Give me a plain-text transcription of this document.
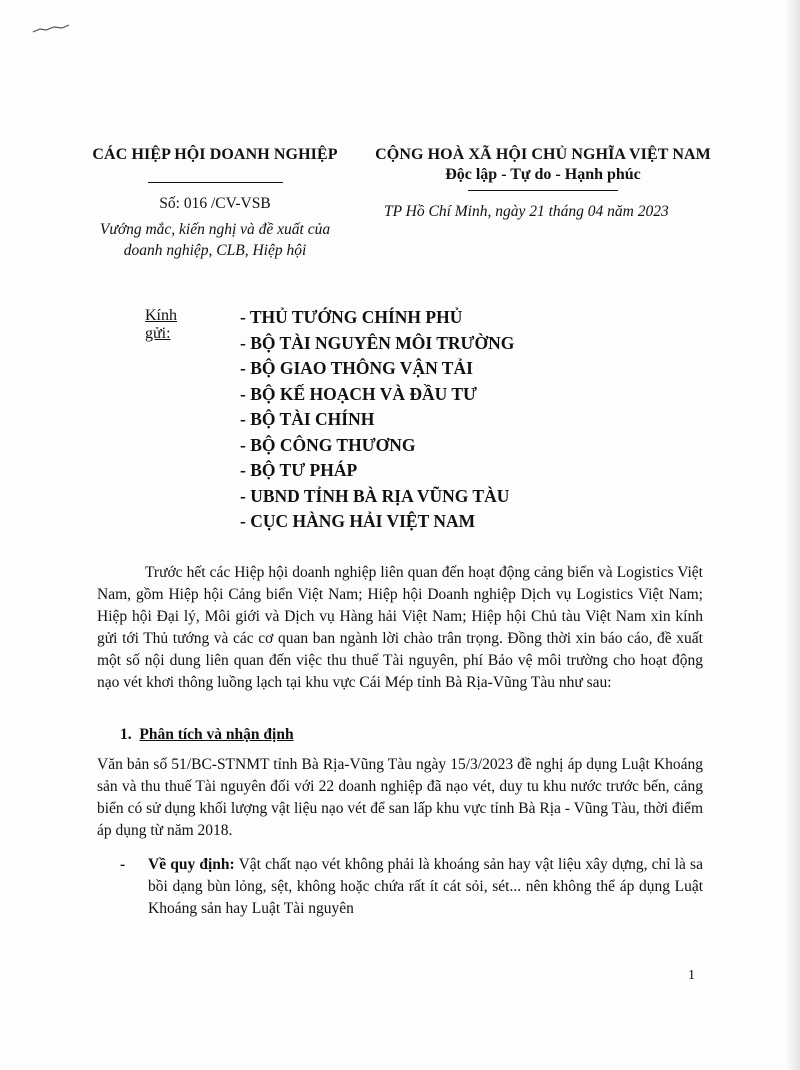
CÁC HIỆP HỘI DOANH NGHIỆP
Số: 016 /CV-VSB
Vướng mắc, kiến nghị và đề xuất của doanh nghiệp, CLB, Hiệp hội
CỘNG HOÀ XÃ HỘI CHỦ NGHĨA VIỆT NAM
Độc lập - Tự do - Hạnh phúc
TP Hồ Chí Minh, ngày 21 tháng 04 năm 2023
Kính gửi:
- THỦ TƯỚNG CHÍNH PHỦ
- BỘ TÀI NGUYÊN MÔI TRƯỜNG
- BỘ GIAO THÔNG VẬN TẢI
- BỘ KẾ HOẠCH VÀ ĐẦU TƯ
- BỘ TÀI CHÍNH
- BỘ CÔNG THƯƠNG
- BỘ TƯ PHÁP
- UBND TỈNH BÀ RỊA VŨNG TÀU
- CỤC HÀNG HẢI VIỆT NAM
Trước hết các Hiệp hội doanh nghiệp liên quan đến hoạt động cảng biển và Logistics Việt Nam, gồm Hiệp hội Cảng biển Việt Nam; Hiệp hội Doanh nghiệp Dịch vụ Logistics Việt Nam; Hiệp hội Đại lý, Môi giới và Dịch vụ Hàng hải Việt Nam; Hiệp hội Chủ tàu Việt Nam xin kính gửi tới Thủ tướng và các cơ quan ban ngành lời chào trân trọng. Đồng thời xin báo cáo, đề xuất một số nội dung liên quan đến việc thu thuế Tài nguyên, phí Bảo vệ môi trường cho hoạt động nạo vét khơi thông luồng lạch tại khu vực Cái Mép tỉnh Bà Rịa-Vũng Tàu như sau:
1. Phân tích và nhận định
Văn bản số 51/BC-STNMT tỉnh Bà Rịa-Vũng Tàu ngày 15/3/2023 đề nghị áp dụng Luật Khoáng sản và thu thuế Tài nguyên đối với 22 doanh nghiệp đã nạo vét, duy tu khu nước trước bến, cảng biển có sử dụng khối lượng vật liệu nạo vét để san lấp khu vực tỉnh Bà Rịa - Vũng Tàu, thời điểm áp dụng từ năm 2018.
- Về quy định: Vật chất nạo vét không phải là khoáng sản hay vật liệu xây dựng, chỉ là sa bồi dạng bùn lỏng, sệt, không hoặc chứa rất ít cát sỏi, sét... nên không thể áp dụng Luật Khoáng sản hay Luật Tài nguyên
1
